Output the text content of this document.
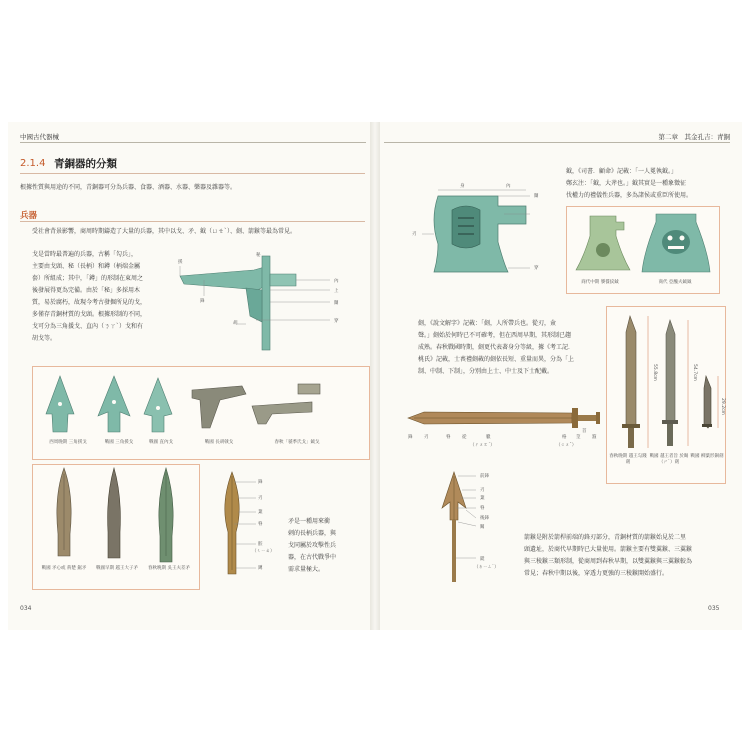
中國古代器械	第二章　其金孔吉：青銅
034	035
2.1.4 青銅器的分類
根據性質與用途的不同，青銅器可分為兵器、食器、酒器、水器、樂器及雜器等。
兵器
受社會背景影響，商周時期鑄造了大量的兵器，其中以戈、矛、鉞（ㄩㄝˋ）、劍、箭鏃等最為常見。
戈是當時最普遍的兵器，古稱「勾兵」，
主要由戈頭、秘（長柄）和鐏（柄端金屬
套）所組成；其中，「鐏」的形制在東周之
後發展得更為完備。由於「秘」多採用木
質，易於腐朽，故現今考古發掘所見的戈，
多僅存青銅材質的戈頭。根據形制的不同，
戈可分為三角援戈、直內（ㄋㄚˋ）戈和有
胡戈等。
援
鋒
胡
內
上
闌
穿
秘
西周晚期 三角援戈	戰國 三角援戈	戰國 直內戈	戰國 長胡戟戈	春秋「虢季氏戈」鉞戈
戰國 矛心或 荊楚 鋸矛	戰國早期 越王大子矛	春秋晚期 吳王夫差矛
鋒
刃
葉
脊
骹
（ㄑㄧㄠ）
鐏
矛是一種用來衝
刺的長柄兵器，與
戈同屬於攻擊性兵
器，在古代戰爭中
需求量極大。
身	內
闌
刃
穿
鉞，《司書．顧命》記載：「一人冕執鉞。」
鄭玄注：「鉞，大斧也。」鉞其實是一種象徵征
伐權力的禮儀性兵器，多為諸侯或重臣所使用。
商代中期 饕餮紋鉞	商代 亞醜夫鉞鉞
劍，《說文解字》記載：「劍，人所帶兵也。從刃，僉
聲。」劍始於何時已不可確考，但在西周早期，其形制已趨
成熟。春秋戰國時期，劍更代表著身分等級，據《考工記．
桃氏》記載，士喪禮劍載的劍依長短、重量而異，分為「上
制、中制、下制」，分別由上士、中士及下士配戴。
鋒	刃	脊	從	臘
首
格 莖	箍
（ㄔㄨㄛˊ）	（ㄍㄨˇ）
55.8cm	54.7cm
29.2cm
春秋晚期 越王勾踐劍
戰國 越王者旨 於睗（ㄕˋ）劍
戰國 柳葉形銅劍
前鋒
刃
葉
脊
後鋒
鋌
關
（ㄉㄧㄥˋ）
箭鏃是附於箭桿前端的鋒刃部分，青銅材質的箭鏃始見於二里
頭遺址，於商代早期時已大量使用。箭鏃主要有雙翼鏃、三翼鏃
與三稜鏃三類形制，從商周到春秋早期，以雙翼鏃與三翼鏃較為
常見；春秋中期以後，穿透力更強的三稜鏃開始盛行。
